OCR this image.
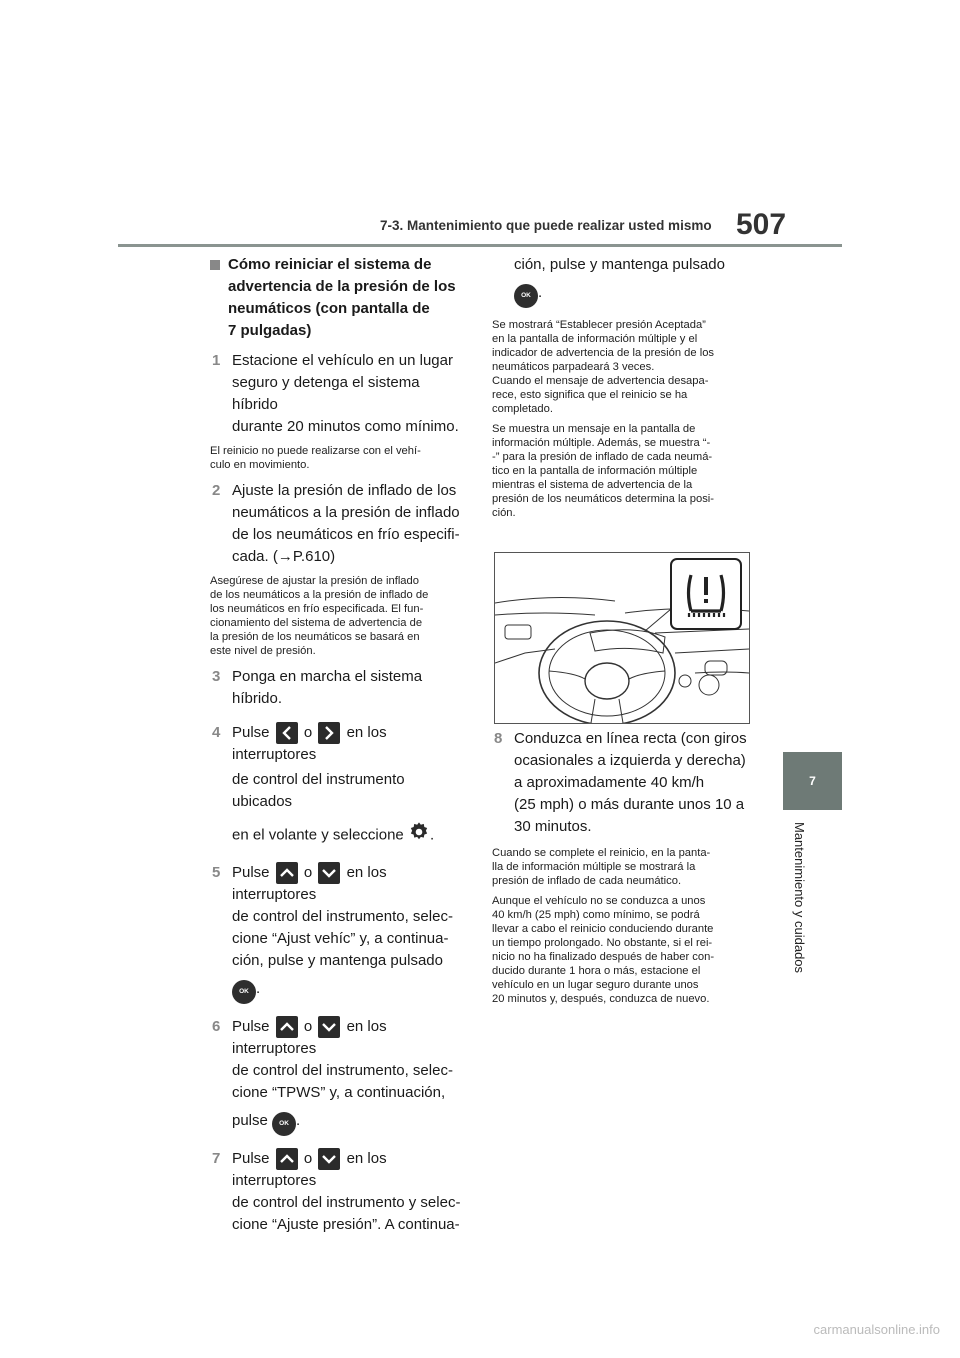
7-3. Mantenimiento que puede realizar usted mismo 507
7
Mantenimiento y cuidados
Cómo reiniciar el sistema de
advertencia de la presión de los
neumáticos (con pantalla de
7 pulgadas)
1 Estacione el vehículo en un lugar
seguro y detenga el sistema híbrido
durante 20 minutos como mínimo.
El reinicio no puede realizarse con el vehí-
culo en movimiento.
2 Ajuste la presión de inflado de los
neumáticos a la presión de inflado
de los neumáticos en frío especifi-
cada. (→P.610)
Asegúrese de ajustar la presión de inflado
de los neumáticos a la presión de inflado de
los neumáticos en frío especificada. El fun-
cionamiento del sistema de advertencia de
la presión de los neumáticos se basará en
este nivel de presión.
3 Ponga en marcha el sistema
híbrido.
4 Pulse o en los interruptores
de control del instrumento ubicados
en el volante y seleccione .
5 Pulse o en los interruptores
de control del instrumento, selec-
cione “Ajust vehíc” y, a continua-
ción, pulse y mantenga pulsado
OK .
6 Pulse o en los interruptores
de control del instrumento, selec-
cione “TPWS” y, a continuación,
pulse OK .
7 Pulse o en los interruptores
de control del instrumento y selec-
cione “Ajuste presión”. A continua-
ción, pulse y mantenga pulsado
OK .
Se mostrará “Establecer presión Aceptada”
en la pantalla de información múltiple y el
indicador de advertencia de la presión de los
neumáticos parpadeará 3 veces.
Cuando el mensaje de advertencia desapa-
rece, esto significa que el reinicio se ha
completado.
Se muestra un mensaje en la pantalla de
información múltiple. Además, se muestra “-
-” para la presión de inflado de cada neumá-
tico en la pantalla de información múltiple
mientras el sistema de advertencia de la
presión de los neumáticos determina la posi-
ción.
8 Conduzca en línea recta (con giros
ocasionales a izquierda y derecha)
a aproximadamente 40 km/h
(25 mph) o más durante unos 10 a
30 minutos.
Cuando se complete el reinicio, en la panta-
lla de información múltiple se mostrará la
presión de inflado de cada neumático.
Aunque el vehículo no se conduzca a unos
40 km/h (25 mph) como mínimo, se podrá
llevar a cabo el reinicio conduciendo durante
un tiempo prolongado. No obstante, si el rei-
nicio no ha finalizado después de haber con-
ducido durante 1 hora o más, estacione el
vehículo en un lugar seguro durante unos
20 minutos y, después, conduzca de nuevo.
carmanualsonline.info
